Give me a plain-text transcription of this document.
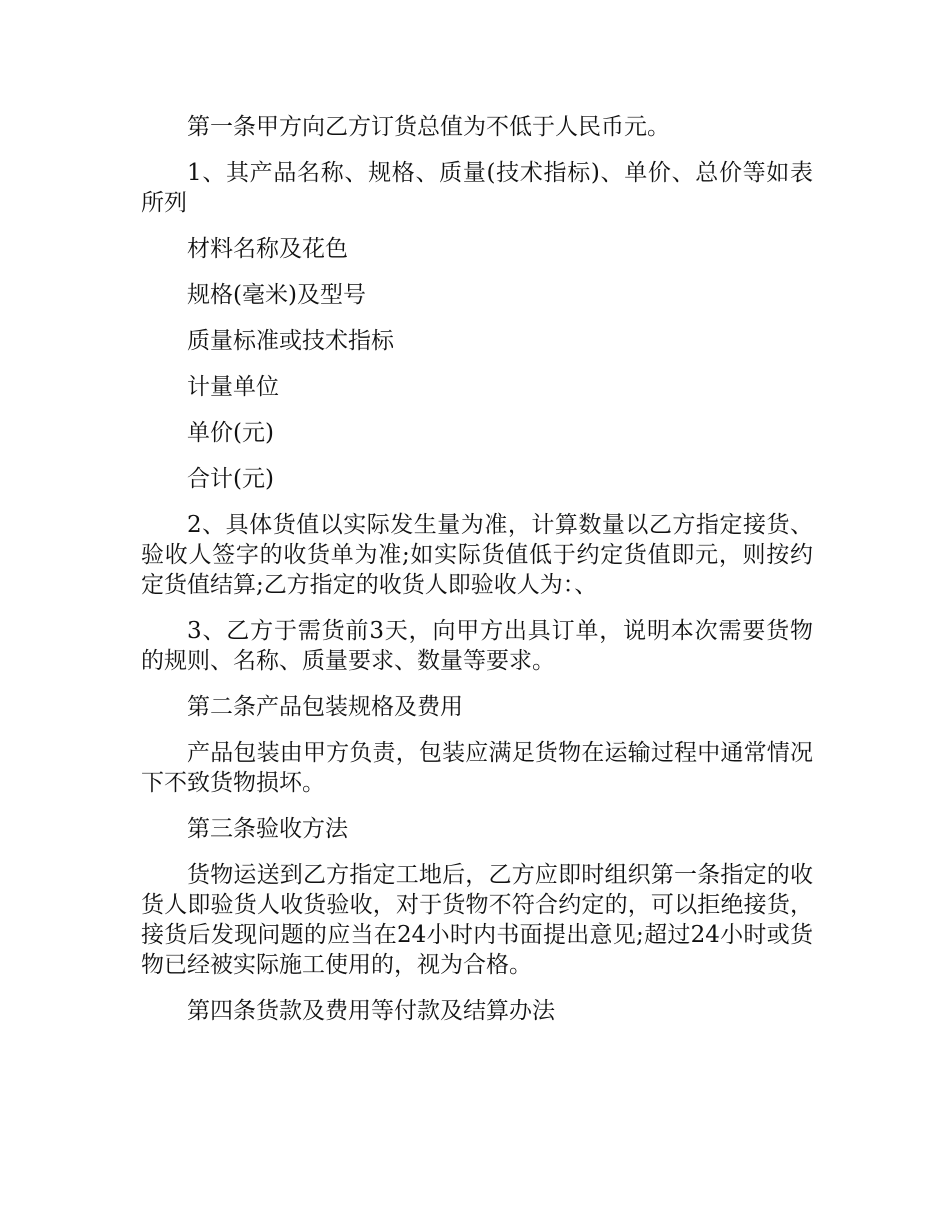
第一条甲方向乙方订货总值为不低于人民币元。

1、其产品名称、规格、质量(技术指标)、单价、总价等如表所列

材料名称及花色

规格(毫米)及型号

质量标准或技术指标

计量单位

单价(元)

合计(元)

2、具体货值以实际发生量为准，计算数量以乙方指定接货、验收人签字的收货单为准;如实际货值低于约定货值即元，则按约定货值结算;乙方指定的收货人即验收人为：、

3、乙方于需货前3天，向甲方出具订单，说明本次需要货物的规则、名称、质量要求、数量等要求。

第二条产品包装规格及费用

产品包装由甲方负责，包装应满足货物在运输过程中通常情况下不致货物损坏。

第三条验收方法

货物运送到乙方指定工地后，乙方应即时组织第一条指定的收货人即验货人收货验收，对于货物不符合约定的，可以拒绝接货，接货后发现问题的应当在24小时内书面提出意见;超过24小时或货物已经被实际施工使用的，视为合格。

第四条货款及费用等付款及结算办法
